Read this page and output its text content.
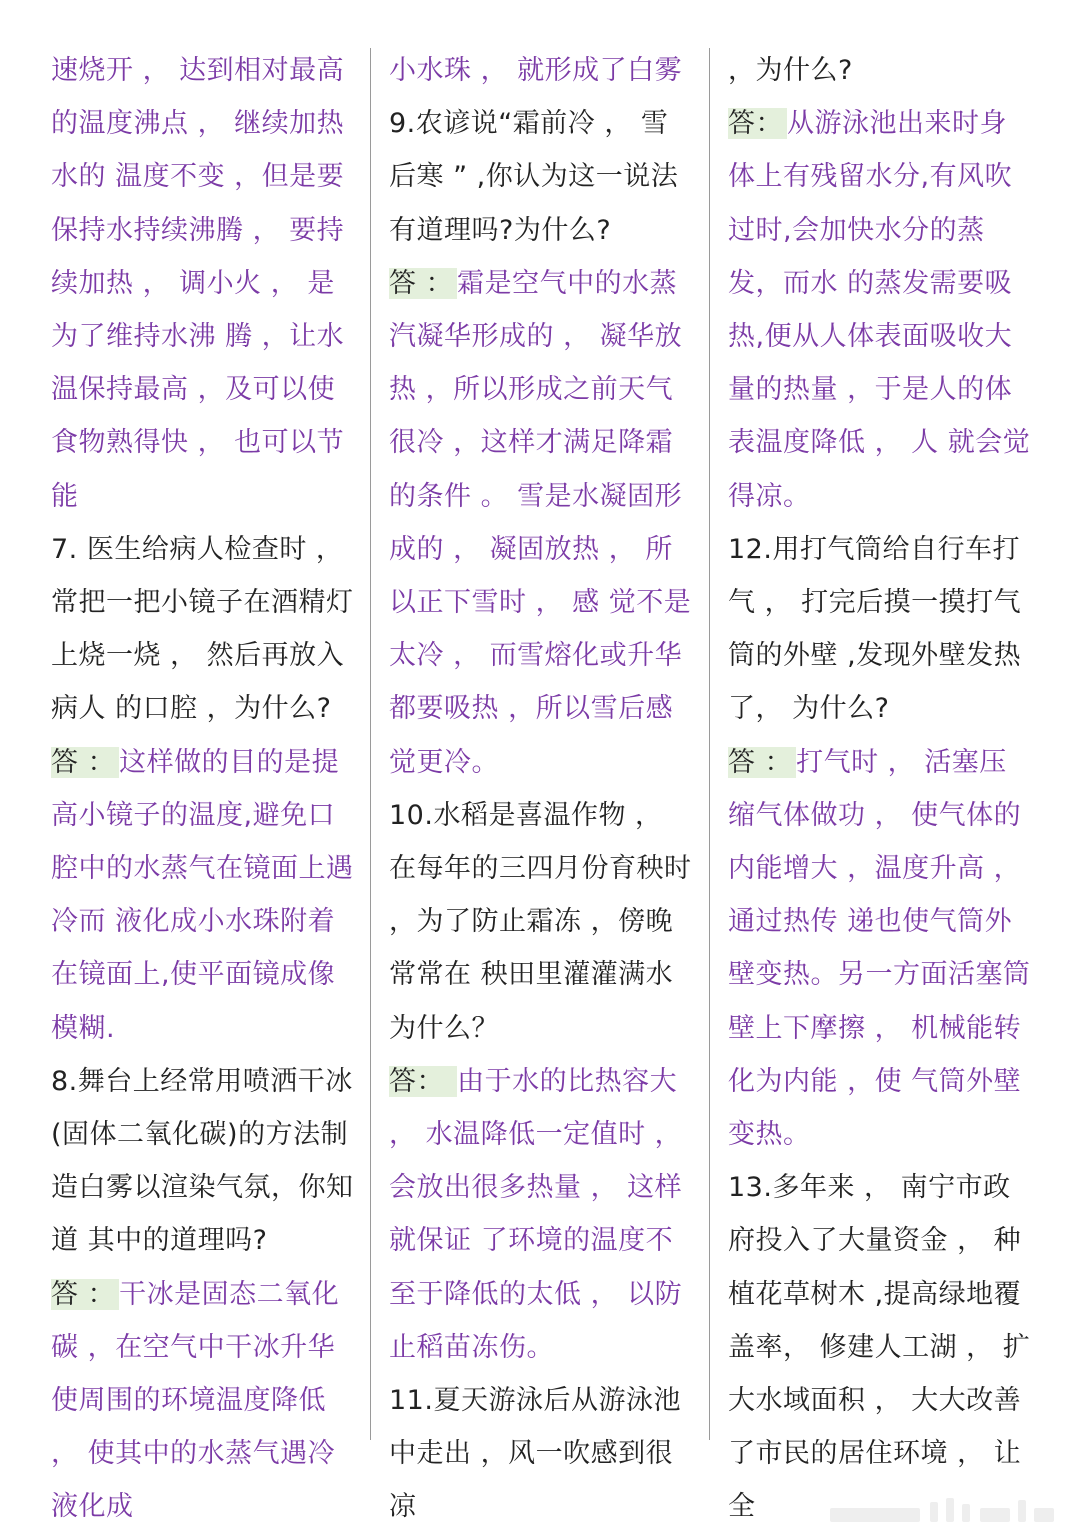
速烧开 ， 达到相对最高的温度沸点 ， 继续加热水的 温度不变 ，但是要保持水持续沸腾 ， 要持续加热 ， 调小火 ， 是为了维持水沸 腾 ，让水温保持最高 ，及可以使食物熟得快 ， 也可以节能
7. 医生给病人检查时 ，常把一把小镜子在酒精灯上烧一烧 ， 然后再放入病人 的口腔 ，为什么?
答 ： 这样做的目的是提高小镜子的温度,避免口腔中的水蒸气在镜面上遇冷而 液化成小水珠附着在镜面上,使平面镜成像模糊.
8.舞台上经常用喷洒干冰(固体二氧化碳)的方法制造白雾以渲染气氛，你知道 其中的道理吗?
答 ： 干冰是固态二氧化碳 ，在空气中干冰升华使周围的环境温度降低 ， 使其中的水蒸气遇冷液化成
小水珠 ， 就形成了白雾
9.农谚说“霜前冷 ， 雪后寒 ” ,你认为这一说法有道理吗?为什么?
答 ： 霜是空气中的水蒸汽凝华形成的 ， 凝华放热 ，所以形成之前天气很冷 ，这样才满足降霜的条件 。 雪是水凝固形成的 ， 凝固放热 ， 所以正下雪时 ， 感 觉不是太冷 ， 而雪熔化或升华都要吸热 ，所以雪后感觉更冷。
10.水稻是喜温作物 ， 在每年的三四月份育秧时 ，为了防止霜冻 ，傍晚常常在 秧田里灌灌满水为什么？
答： 由于水的比热容大 ， 水温降低一定值时 ， 会放出很多热量 ， 这样就保证 了环境的温度不至于降低的太低 ， 以防止稻苗冻伤。
11.夏天游泳后从游泳池中走出 ，风一吹感到很凉
，为什么?
答： 从游泳池出来时身体上有残留水分,有风吹过时,会加快水分的蒸发，而水 的蒸发需要吸热,便从人体表面吸收大量的热量 ，于是人的体表温度降低 ， 人 就会觉得凉。
12.用打气筒给自行车打气 ， 打完后摸一摸打气筒的外壁 ,发现外壁发热了， 为什么?
答 ： 打气时 ， 活塞压缩气体做功 ， 使气体的内能增大 ，温度升高 ，通过热传 递也使气筒外壁变热。另一方面活塞筒壁上下摩擦 ， 机械能转化为内能 ，使 气筒外壁变热。
13.多年来 ， 南宁市政府投入了大量资金 ， 种植花草树木 ,提高绿地覆盖率， 修建人工湖 ， 扩大水域面积 ， 大大改善了市民的居住环境 ， 让全
